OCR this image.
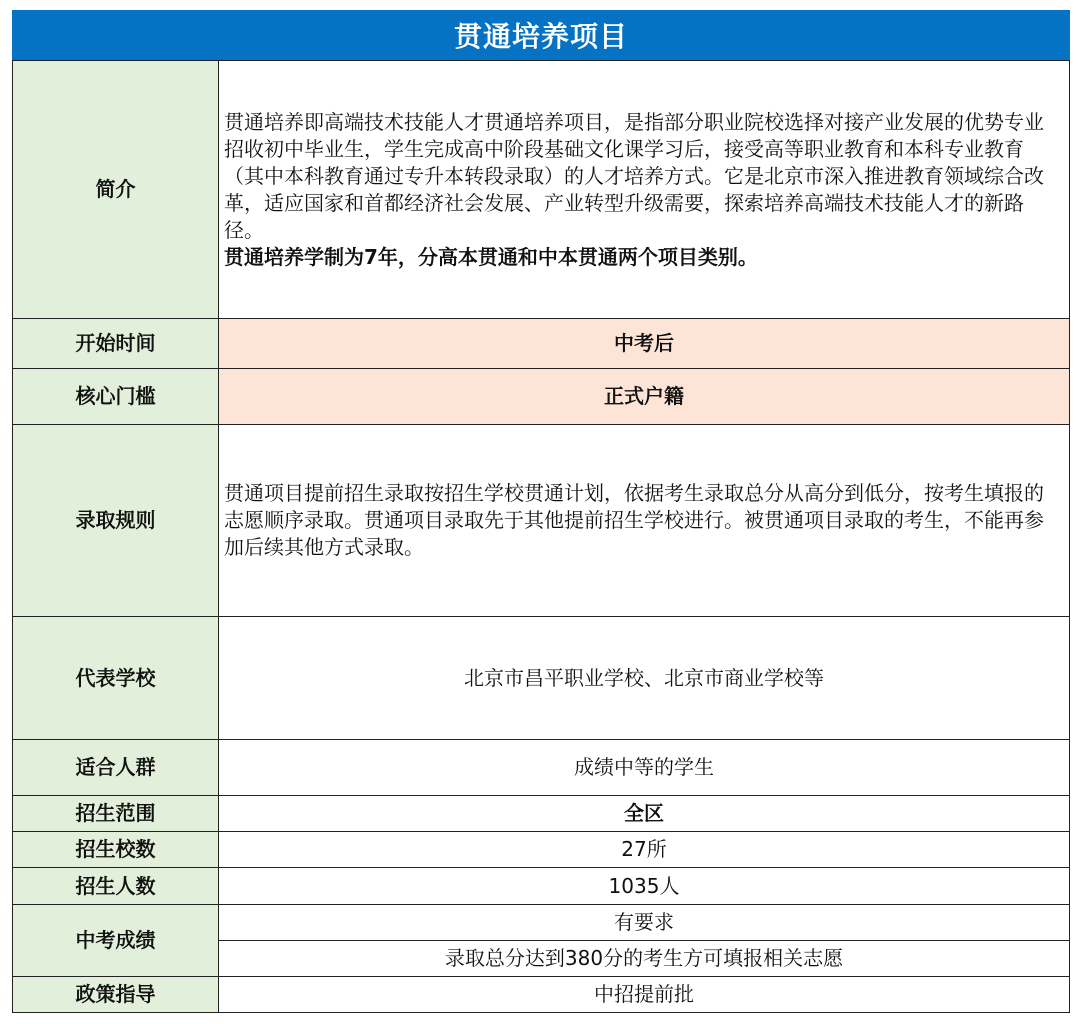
贯通培养项目
简介	贯通培养即高端技术技能人才贯通培养项目，是指部分职业院校选择对接产业发展的优势专业招收初中毕业生，学生完成高中阶段基础文化课学习后，接受高等职业教育和本科专业教育（其中本科教育通过专升本转段录取）的人才培养方式。它是北京市深入推进教育领域综合改革，适应国家和首都经济社会发展、产业转型升级需要，探索培养高端技术技能人才的新路径。

贯通培养学制为7年，分高本贯通和中本贯通两个项目类别。

开始时间	中考后
核心门槛	正式户籍
录取规则	贯通项目提前招生录取按招生学校贯通计划，依据考生录取总分从高分到低分，按考生填报的志愿顺序录取。贯通项目录取先于其他提前招生学校进行。被贯通项目录取的考生，不能再参加后续其他方式录取。

代表学校	北京市昌平职业学校、北京市商业学校等
适合人群	成绩中等的学生
招生范围	全区
招生校数	27所
招生人数	1035人
中考成绩	有要求
	录取总分达到380分的考生方可填报相关志愿
政策指导	中招提前批
